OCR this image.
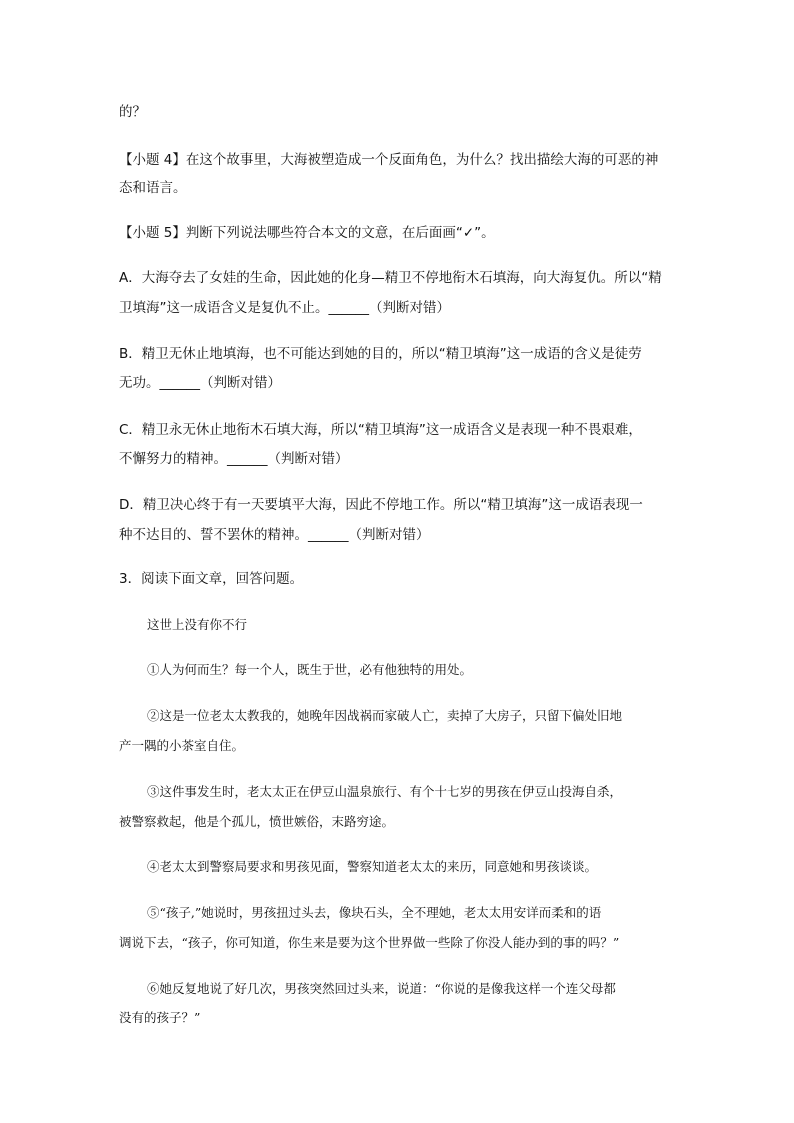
的？
【小题 4】在这个故事里，大海被塑造成一个反面角色，为什么？找出描绘大海的可恶的神
态和语言。
【小题 5】判断下列说法哪些符合本文的文意，在后面画“✓”。
A．大海夺去了女娃的生命，因此她的化身—精卫不停地衔木石填海，向大海复仇。所以“精
卫填海”这一成语含义是复仇不止。______（判断对错）
B．精卫无休止地填海，也不可能达到她的目的，所以“精卫填海”这一成语的含义是徒劳
无功。______（判断对错）
C．精卫永无休止地衔木石填大海，所以“精卫填海”这一成语含义是表现一种不畏艰难，
不懈努力的精神。______（判断对错）
D．精卫决心终于有一天要填平大海，因此不停地工作。所以“精卫填海”这一成语表现一
种不达目的、誓不罢休的精神。______（判断对错）
3．阅读下面文章，回答问题。
这世上没有你不行
①人为何而生？每一个人，既生于世，必有他独特的用处。
②这是一位老太太教我的，她晚年因战祸而家破人亡，卖掉了大房子，只留下偏处旧地
产一隅的小茶室自住。
③这件事发生时，老太太正在伊豆山温泉旅行、有个十七岁的男孩在伊豆山投海自杀，
被警察救起，他是个孤儿，愤世嫉俗，末路穷途。
④老太太到警察局要求和男孩见面，警察知道老太太的来历，同意她和男孩谈谈。
⑤“孩子,”她说时，男孩扭过头去，像块石头，全不理她，老太太用安详而柔和的语
调说下去，“孩子，你可知道，你生来是要为这个世界做一些除了你没人能办到的事的吗？”
⑥她反复地说了好几次，男孩突然回过头来，说道：“你说的是像我这样一个连父母都
没有的孩子？”
